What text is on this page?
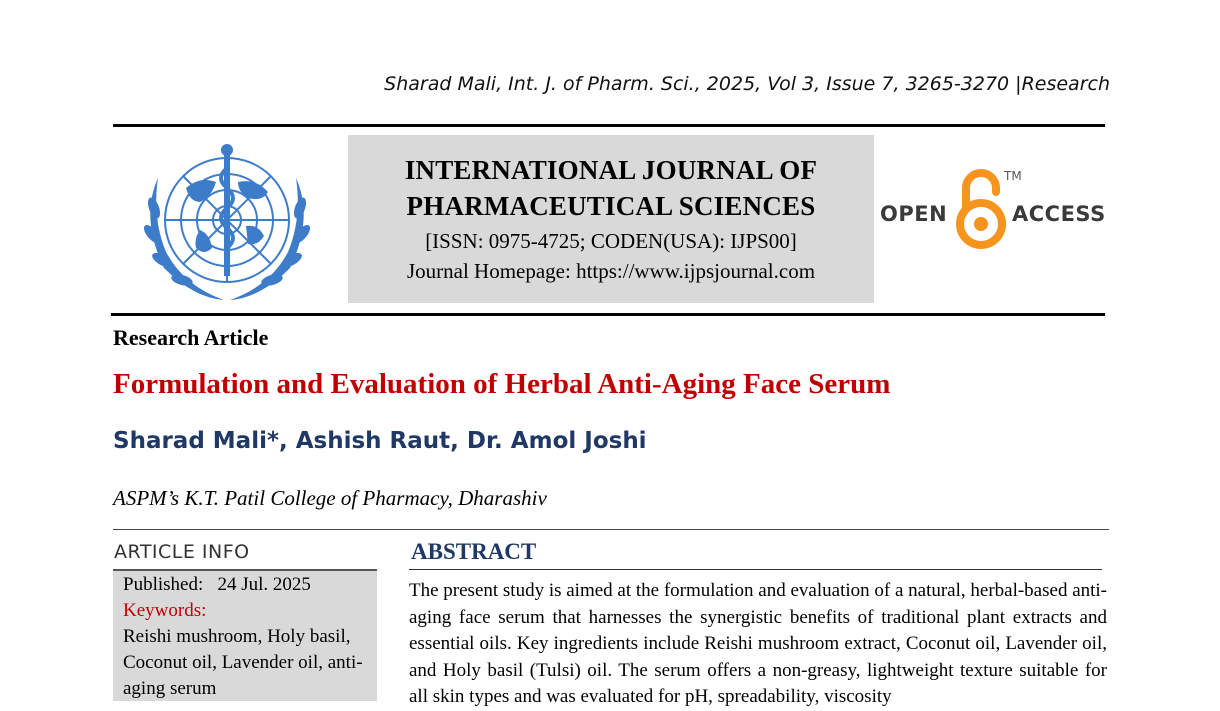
Sharad Mali, Int. J. of Pharm. Sci., 2025, Vol 3, Issue 7, 3265-3270 |Research
INTERNATIONAL JOURNAL OF
PHARMACEUTICAL SCIENCES
[ISSN: 0975-4725; CODEN(USA): IJPS00]
Journal Homepage: https://www.ijpsjournal.com
OPEN
TM
ACCESS
Research Article
Formulation and Evaluation of Herbal Anti-Aging Face Serum
Sharad Mali*, Ashish Raut, Dr. Amol Joshi
ASPM’s K.T. Patil College of Pharmacy, Dharashiv
ARTICLE INFO
Published: 24 Jul. 2025
Keywords:
Reishi mushroom, Holy basil, Coconut oil, Lavender oil, anti-aging serum
ABSTRACT

The present study is aimed at the formulation and evaluation of a natural, herbal-based anti-aging face serum that harnesses the synergistic benefits of traditional plant extracts and essential oils. Key ingredients include Reishi mushroom extract, Coconut oil, Lavender oil, and Holy basil (Tulsi) oil. The serum offers a non-greasy, lightweight texture suitable for all skin types and was evaluated for pH, spreadability, viscosity
